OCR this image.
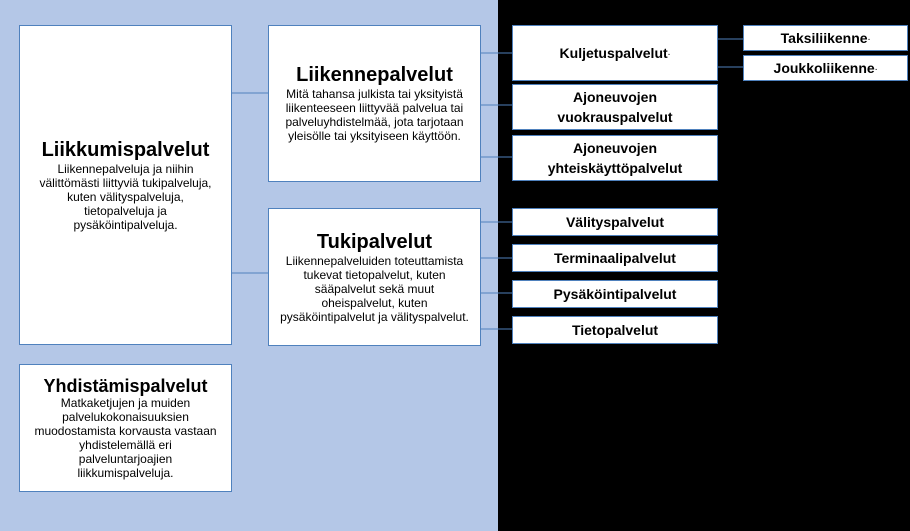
Liikkumispalvelut
Liikennepalveluja ja niihin välittömästi liittyviä tukipalveluja, kuten välityspalveluja, tietopalveluja ja pysäköintipalveluja.
Yhdistämispalvelut
Matkaketjujen ja muiden palvelukokonaisuuksien muodostamista korvausta vastaan yhdistelemällä eri palveluntarjoajien liikkumispalveluja.
Liikennepalvelut
Mitä tahansa julkista tai yksityistä liikenteeseen liittyvää palvelua tai palveluyhdistelmää, jota tarjotaan yleisölle tai yksityiseen käyttöön.
Tukipalvelut
Liikennepalveluiden toteuttamista tukevat tietopalvelut, kuten sääpalvelut sekä muut oheispalvelut, kuten pysäköintipalvelut ja välityspalvelut.
Kuljetuspalvelut .
Ajoneuvojen vuokrauspalvelut
Ajoneuvojen yhteiskäyttöpalvelut
Taksiliikenne .
Joukkoliikenne .
Välityspalvelut
Terminaalipalvelut
Pysäköintipalvelut
Tietopalvelut
